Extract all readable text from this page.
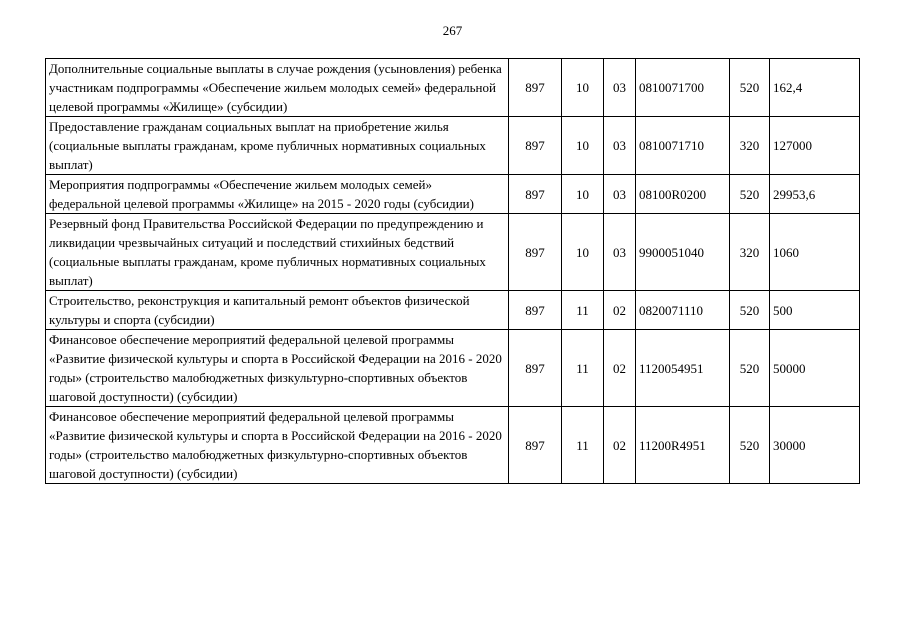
267
Дополнительные социальные выплаты в случае рождения (усыновления) ребенка участникам подпрограммы «Обеспечение жильем молодых семей» федеральной целевой программы «Жилище» (субсидии)	897	10	03	0810071700	520	162,4
Предоставление гражданам социальных выплат на приобретение жилья (социальные выплаты гражданам, кроме публичных нормативных социальных выплат)	897	10	03	0810071710	320	127000
Мероприятия подпрограммы «Обеспечение жильем молодых семей» федеральной целевой программы «Жилище» на 2015 - 2020 годы (субсидии)	897	10	03	08100R0200	520	29953,6
Резервный фонд Правительства Российской Федерации по предупреждению и ликвидации чрезвычайных ситуаций и последствий стихийных бедствий (социальные выплаты гражданам, кроме публичных нормативных социальных выплат)	897	10	03	9900051040	320	1060
Строительство, реконструкция и капитальный ремонт объектов физической культуры и спорта (субсидии)	897	11	02	0820071110	520	500
Финансовое обеспечение мероприятий федеральной целевой программы «Развитие физической культуры и спорта в Российской Федерации на 2016 - 2020 годы» (строительство малобюджетных физкультурно-спортивных объектов шаговой доступности) (субсидии)	897	11	02	1120054951	520	50000
Финансовое обеспечение мероприятий федеральной целевой программы «Развитие физической культуры и спорта в Российской Федерации на 2016 - 2020 годы» (строительство малобюджетных физкультурно-спортивных объектов шаговой доступности) (субсидии)	897	11	02	11200R4951	520	30000
